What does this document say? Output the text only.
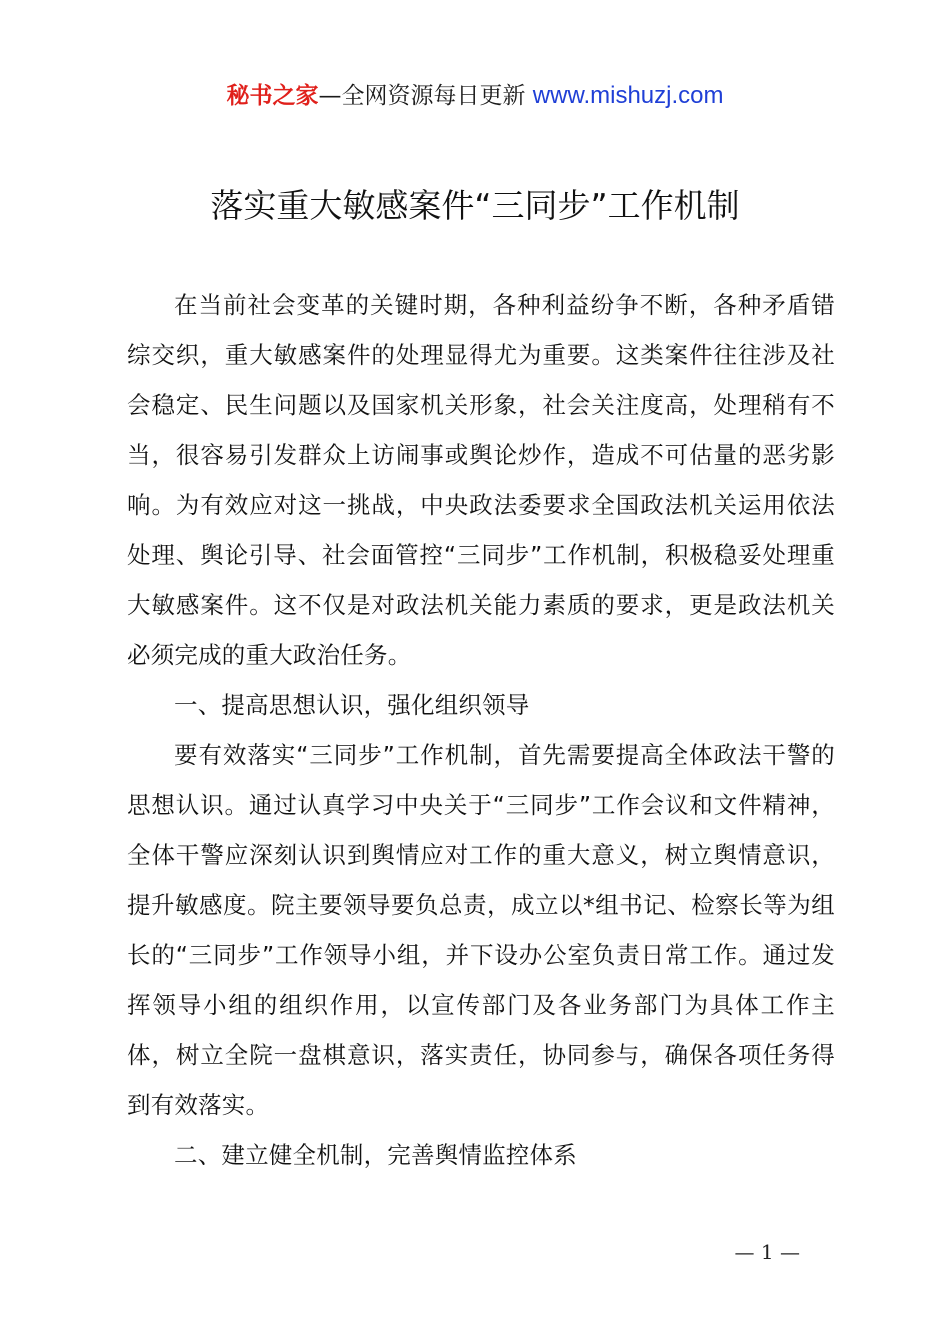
秘书之家—全网资源每日更新 www.mishuzj.com
落实重大敏感案件“三同步”工作机制

在当前社会变革的关键时期，各种利益纷争不断，各种矛盾错综交织，重大敏感案件的处理显得尤为重要。这类案件往往涉及社会稳定、民生问题以及国家机关形象，社会关注度高，处理稍有不当，很容易引发群众上访闹事或舆论炒作，造成不可估量的恶劣影响。为有效应对这一挑战，中央政法委要求全国政法机关运用依法处理、舆论引导、社会面管控“三同步”工作机制，积极稳妥处理重大敏感案件。这不仅是对政法机关能力素质的要求，更是政法机关必须完成的重大政治任务。

一、提高思想认识，强化组织领导

要有效落实“三同步”工作机制，首先需要提高全体政法干警的思想认识。通过认真学习中央关于“三同步”工作会议和文件精神，全体干警应深刻认识到舆情应对工作的重大意义，树立舆情意识，提升敏感度。院主要领导要负总责，成立以*组书记、检察长等为组长的“三同步”工作领导小组，并下设办公室负责日常工作。通过发挥领导小组的组织作用，以宣传部门及各业务部门为具体工作主体，树立全院一盘棋意识，落实责任，协同参与，确保各项任务得到有效落实。

二、建立健全机制，完善舆情监控体系
— 1 —
